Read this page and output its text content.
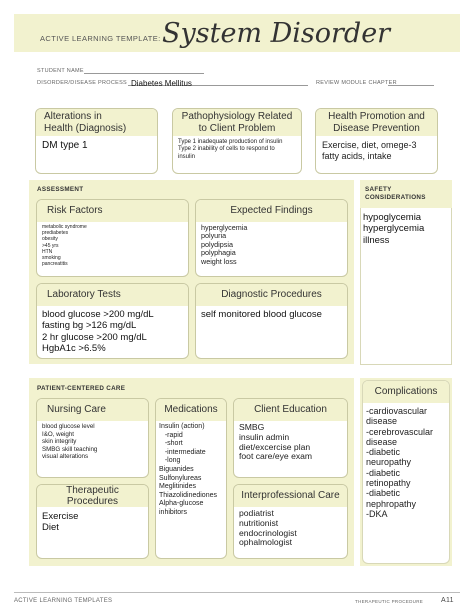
ACTIVE LEARNING TEMPLATE: System Disorder
STUDENT NAME
DISORDER/DISEASE PROCESS Diabetes Mellitus	REVIEW MODULE CHAPTER
Alterations in
Health (Diagnosis)
DM type 1
Pathophysiology Related
to Client Problem
Type 1 inadequate production of insulin
Type 2 inability of cells to respond to
insulin
Health Promotion and
Disease Prevention
Exercise, diet, omege-3
fatty acids, intake
ASSESSMENT
Risk Factors
metabolic syndrome
prediabetes
obesity
>45 yrs
HTN
smoking
pancreatitis
Expected Findings
hyperglycemia
polyuria
polydipsia
polyphagia
weight loss
Laboratory Tests
blood glucose >200 mg/dL
fasting bg >126 mg/dL
2 hr glucose >200 mg/dL
HgbA1c >6.5%
Diagnostic Procedures
self monitored blood glucose
SAFETY
CONSIDERATIONS
hypoglycemia
hyperglycemia
illness
PATIENT-CENTERED CARE
Nursing Care
blood glucose level
I&O, weight
skin integrity
SMBG skill teaching
visual alterations
Medications
Insulin (action)
-rapid
-short
-intermediate
-long
Biguanides
Sulfonylureas
Meglitinides
Thiazolidinediones
Alpha-glucose
inhibitors
Client Education
SMBG
insulin admin
diet/excercise plan
foot care/eye exam
Therapeutic Procedures
Exercise
Diet
Interprofessional Care
podiatrist
nutritionist
endocrinologist
ophalmologist
Complications
-cardiovascular
disease
-cerebrovascular
disease
-diabetic
neuropathy
-diabetic
retinopathy
-diabetic
nephropathy
-DKA
ACTIVE LEARNING TEMPLATES	THERAPEUTIC PROCEDURE	A11
